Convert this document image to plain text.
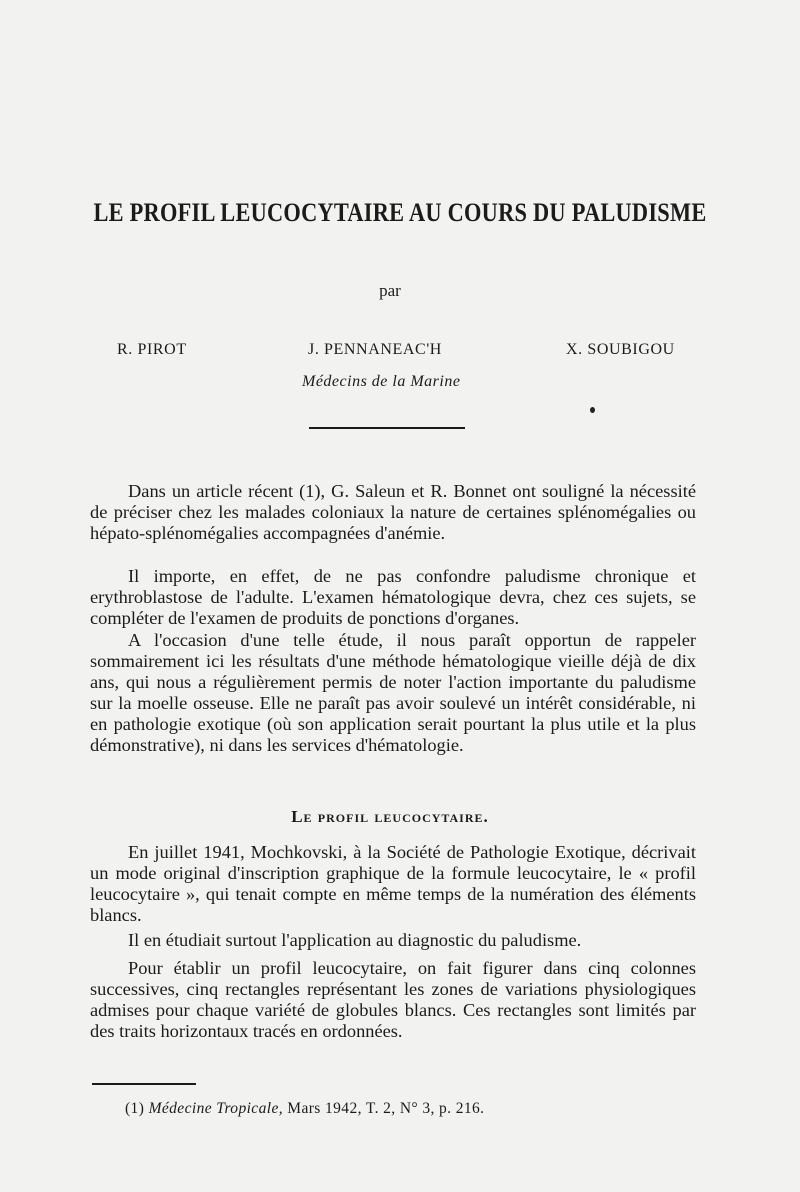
LE PROFIL LEUCOCYTAIRE AU COURS DU PALUDISME
par
R. PIROT	J. PENNANEAC'H	X. SOUBIGOU
Médecins de la Marine

Dans un article récent (1), G. Saleun et R. Bonnet ont souligné la nécessité de préciser chez les malades coloniaux la nature de certaines splénomégalies ou hépato-splénomégalies accompagnées d'anémie.

Il importe, en effet, de ne pas confondre paludisme chronique et erythroblastose de l'adulte. L'examen hématologique devra, chez ces sujets, se compléter de l'examen de produits de ponctions d'organes.

A l'occasion d'une telle étude, il nous paraît opportun de rappeler sommairement ici les résultats d'une méthode hématologique vieille déjà de dix ans, qui nous a régulièrement permis de noter l'action importante du paludisme sur la moelle osseuse. Elle ne paraît pas avoir soulevé un intérêt considérable, ni en pathologie exotique (où son application serait pourtant la plus utile et la plus démonstrative), ni dans les services d'hématologie.

Le profil leucocytaire.

En juillet 1941, Mochkovski, à la Société de Pathologie Exotique, décrivait un mode original d'inscription graphique de la formule leucocytaire, le « profil leucocytaire », qui tenait compte en même temps de la numération des éléments blancs.

Il en étudiait surtout l'application au diagnostic du paludisme.

Pour établir un profil leucocytaire, on fait figurer dans cinq colonnes successives, cinq rectangles représentant les zones de variations physiologiques admises pour chaque variété de globules blancs. Ces rectangles sont limités par des traits horizontaux tracés en ordonnées.

(1) Médecine Tropicale, Mars 1942, T. 2, N° 3, p. 216.
